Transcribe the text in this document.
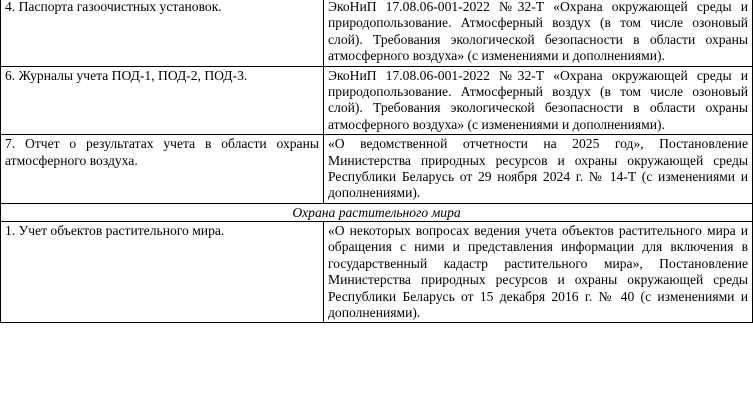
4. Паспорта газоочистных установок.	ЭкоНиП 17.08.06-001-2022 №32-Т «Охрана окружающей среды и природопользование. Атмосферный воздух (в том числе озоновый слой). Требования экологической безопасности в области охраны атмосферного воздуха» (с изменениями и дополнениями).

6. Журналы учета ПОД-1, ПОД-2, ПОД-3.	ЭкоНиП 17.08.06-001-2022 №32-Т «Охрана окружающей среды и природопользование. Атмосферный воздух (в том числе озоновый слой). Требования экологической безопасности в области охраны атмосферного воздуха» (с изменениями и дополнениями).

7. Отчет о результатах учета в области охраны атмосферного воздуха.	«О ведомственной отчетности на 2025 год», Постановление Министерства природных ресурсов и охраны окружающей среды Республики Беларусь от 29 ноября 2024 г. № 14-Т (с изменениями и дополнениями).

Охрана растительного мира	

1. Учет объектов растительного мира.	«О некоторых вопросах ведения учета объектов растительного мира и обращения с ними и представления информации для включения в государственный кадастр растительного мира», Постановление Министерства природных ресурсов и охраны окружающей среды Республики Беларусь от 15 декабря 2016 г. № 40 (с изменениями и дополнениями).
